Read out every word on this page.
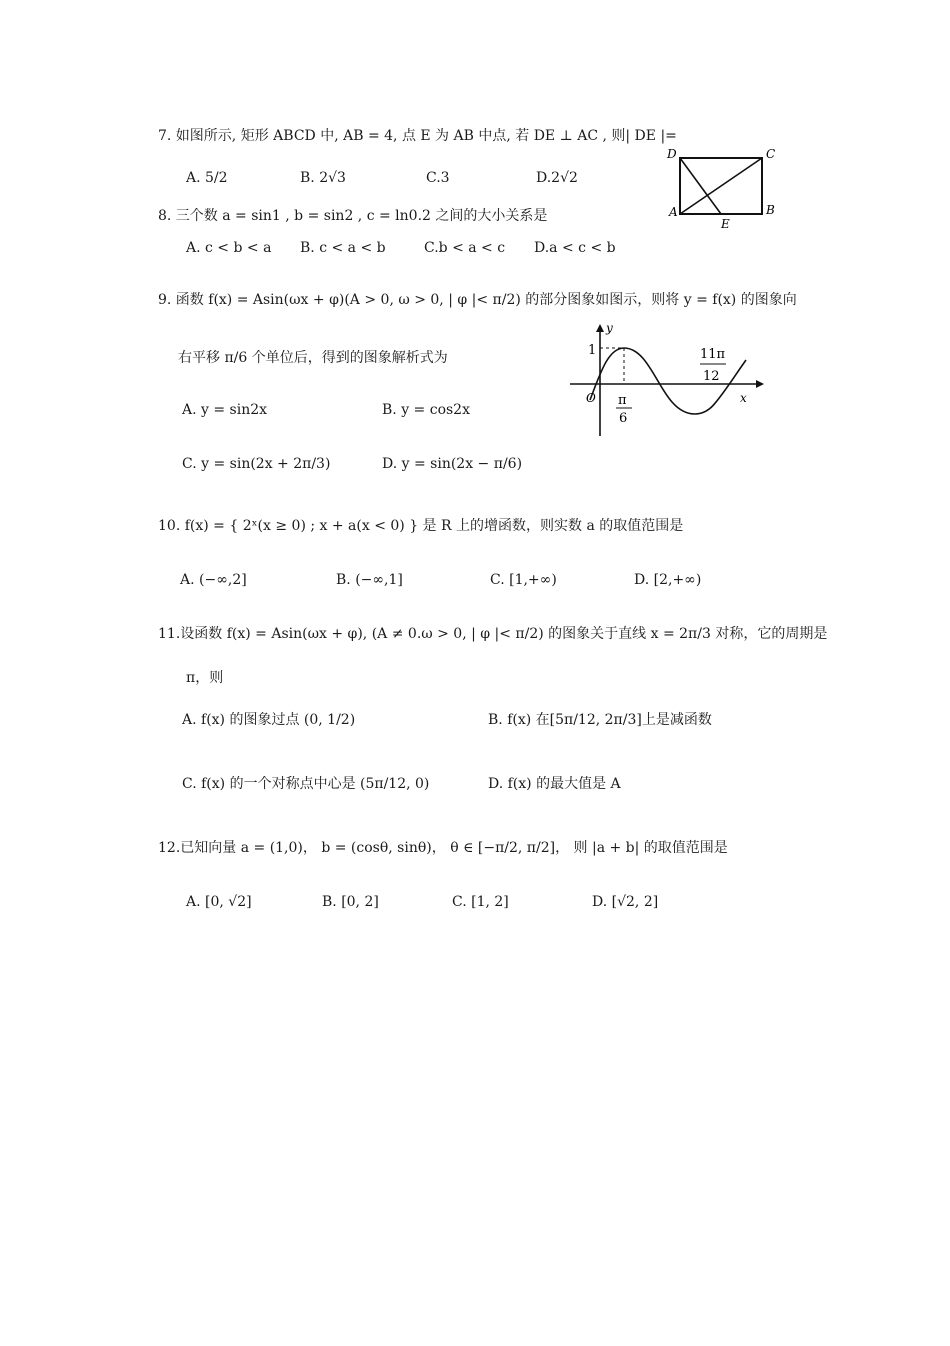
7. 如图所示, 矩形 ABCD 中, AB = 4, 点 E 为 AB 中点, 若 DE ⊥ AC , 则| DE |=
A. 5/2	B. 2√3	C.3	D.2√2
D	C
A	B
E
8. 三个数 a = sin1 , b = sin2 , c = ln0.2 之间的大小关系是
A. c < b < a B. c < a < b	C.b < a < c D.a < c < b
9. 函数 f(x) = Asin(ωx + φ)(A > 0, ω > 0, | φ |< π/2) 的部分图象如图示，则将 y = f(x) 的图象向
右平移 π/6 个单位后，得到的图象解析式为
A. y = sin2x	B. y = cos2x
C. y = sin(2x + 2π/3)	D. y = sin(2x − π/6)
y
x
O
1
π
6
11π
12
10. f(x) = { 2ˣ(x ≥ 0) ; x + a(x < 0) } 是 R 上的增函数，则实数 a 的取值范围是
A. (−∞,2]	B. (−∞,1]	C. [1,+∞)	D. [2,+∞)
11.设函数 f(x) = Asin(ωx + φ), (A ≠ 0.ω > 0, | φ |< π/2) 的图象关于直线 x = 2π/3 对称，它的周期是
π，则
A. f(x) 的图象过点 (0, 1/2)	B. f(x) 在[5π/12, 2π/3]上是减函数
C. f(x) 的一个对称点中心是 (5π/12, 0)	D. f(x) 的最大值是 A
12.已知向量 a = (1,0)， b = (cosθ, sinθ)， θ ∈ [−π/2, π/2]， 则 |a + b| 的取值范围是
A. [0, √2]	B. [0, 2]	C. [1, 2]	D. [√2, 2]
